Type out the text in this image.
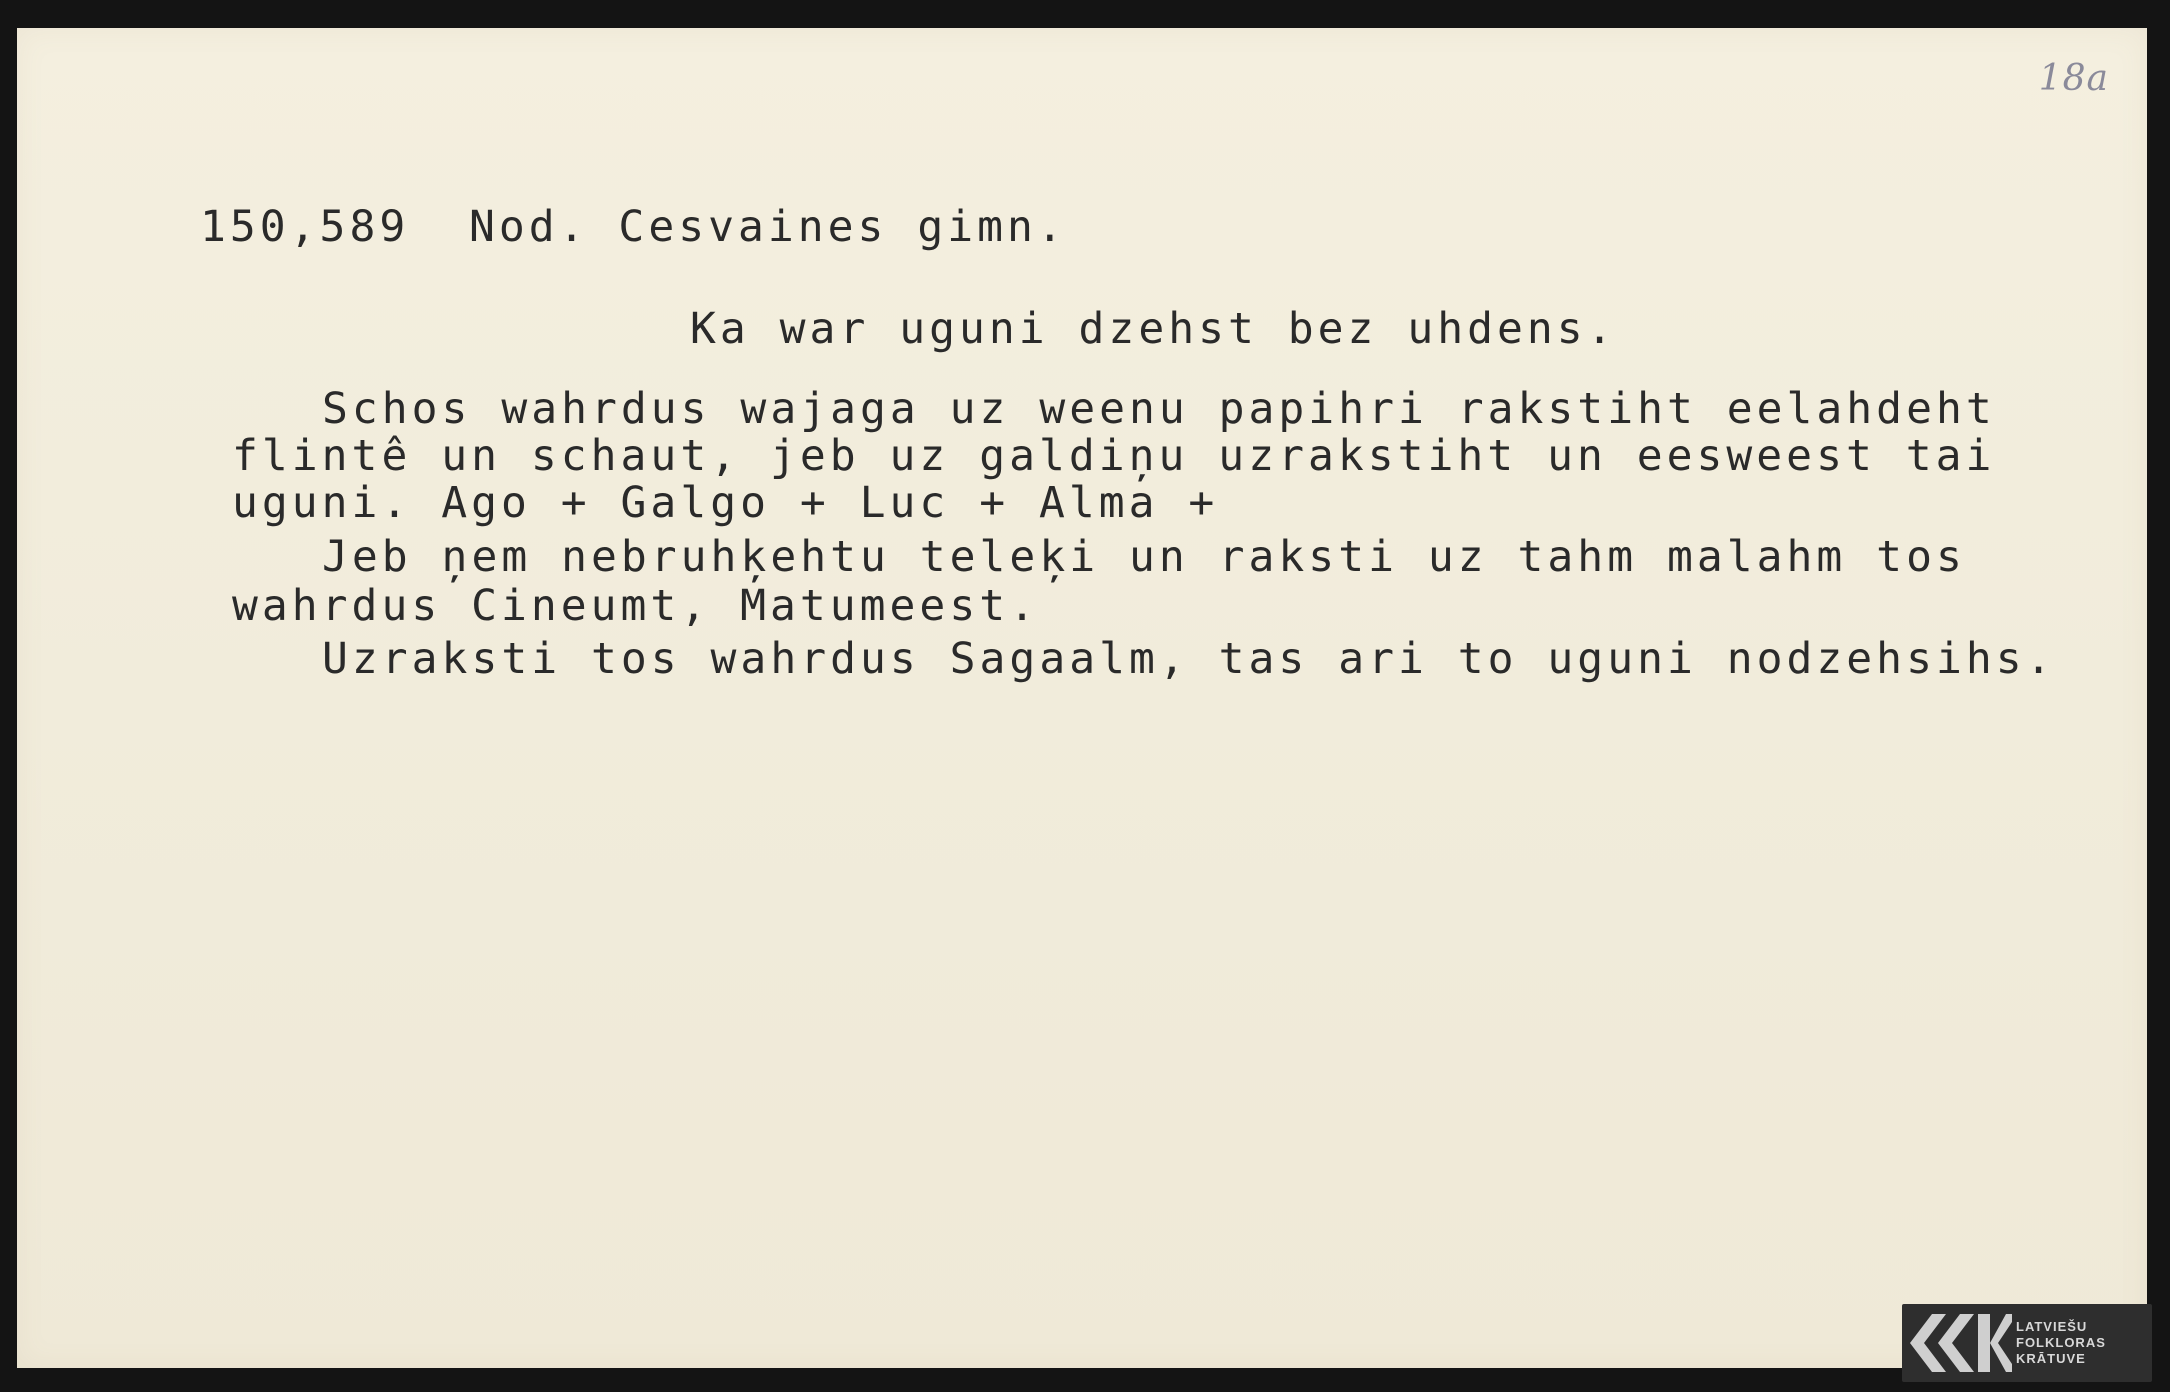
18a
150,589  Nod. Cesvaines gimn.
Ka war uguni dzehst bez uhdens.
Schos wahrdus wajaga uz weenu papihri rakstiht eelahdeht
flintê un schaut, jeb uz galdiņu uzrakstiht un eesweest tai
uguni. Ago + Galgo + Luc + Alma +
Jeb ņem nebruhķehtu teleķi un raksti uz tahm malahm tos
wahrdus Cineumt, Matumeest.
Uzraksti tos wahrdus Sagaalm, tas ari to uguni nodzehsihs.
LATVIEŠU
FOLKLORAS
KRĀTUVE
